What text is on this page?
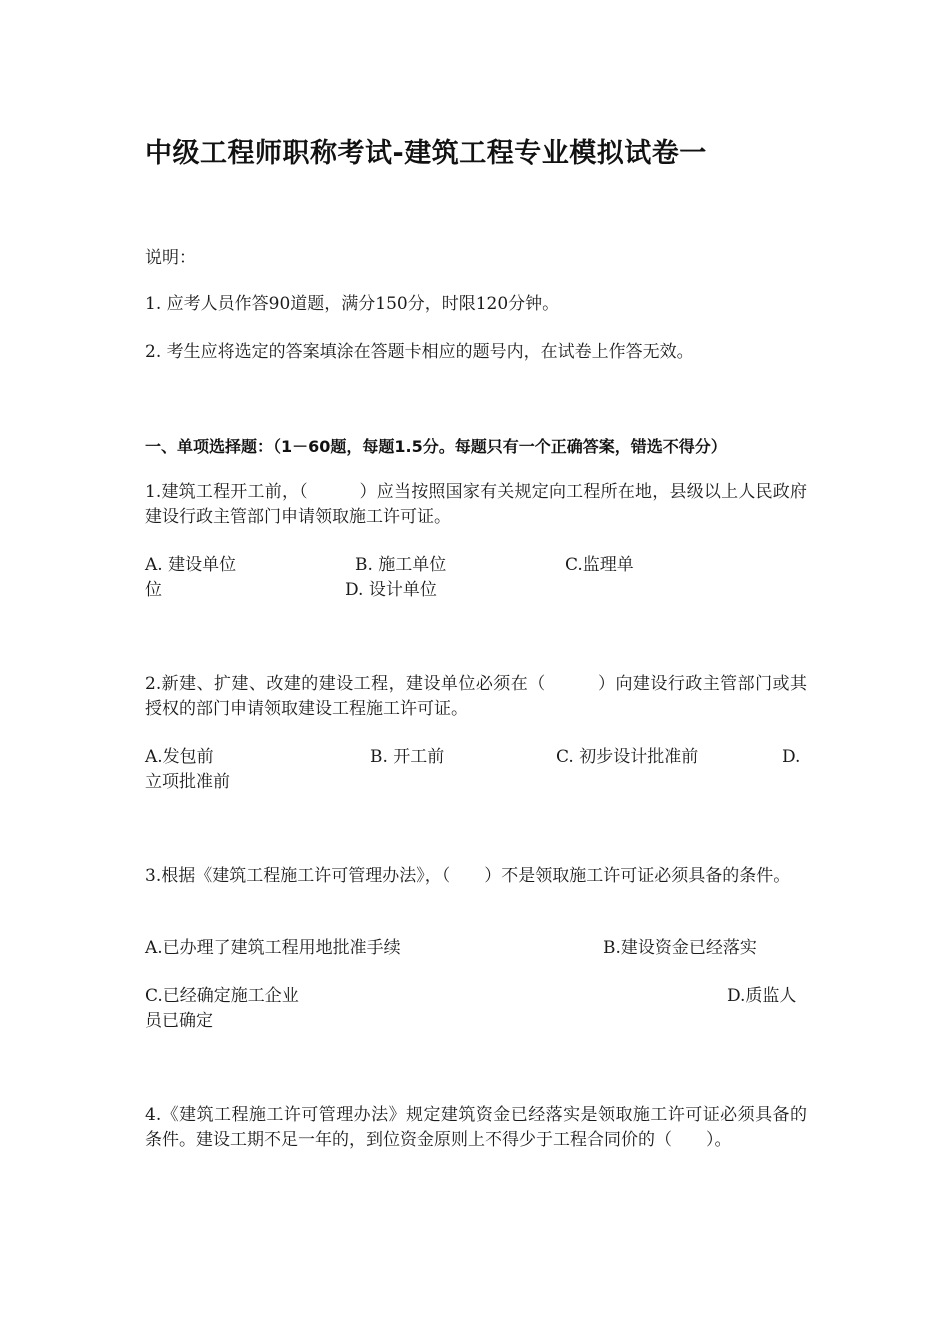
中级工程师职称考试-建筑工程专业模拟试卷一
说明：
1. 应考人员作答90道题，满分150分，时限120分钟。
2. 考生应将选定的答案填涂在答题卡相应的题号内，在试卷上作答无效。
一、单项选择题：（1－60题，每题1.5分。每题只有一个正确答案，错选不得分）
1.建筑工程开工前，（　　　）应当按照国家有关规定向工程所在地，县级以上人民政府建设行政主管部门申请领取施工许可证。
A. 建设单位	B. 施工单位	C.监理单
位	D. 设计单位
2.新建、扩建、改建的建设工程，建设单位必须在（　　　）向建设行政主管部门或其授权的部门申请领取建设工程施工许可证。
A.发包前	B. 开工前	C. 初步设计批准前	D.
立项批准前
3.根据《建筑工程施工许可管理办法》，（　　）不是领取施工许可证必须具备的条件。
A.已办理了建筑工程用地批准手续	B.建设资金已经落实
C.已经确定施工企业	D.质监人
员已确定
4.《建筑工程施工许可管理办法》规定建筑资金已经落实是领取施工许可证必须具备的条件。建设工期不足一年的，到位资金原则上不得少于工程合同价的（　　）。
